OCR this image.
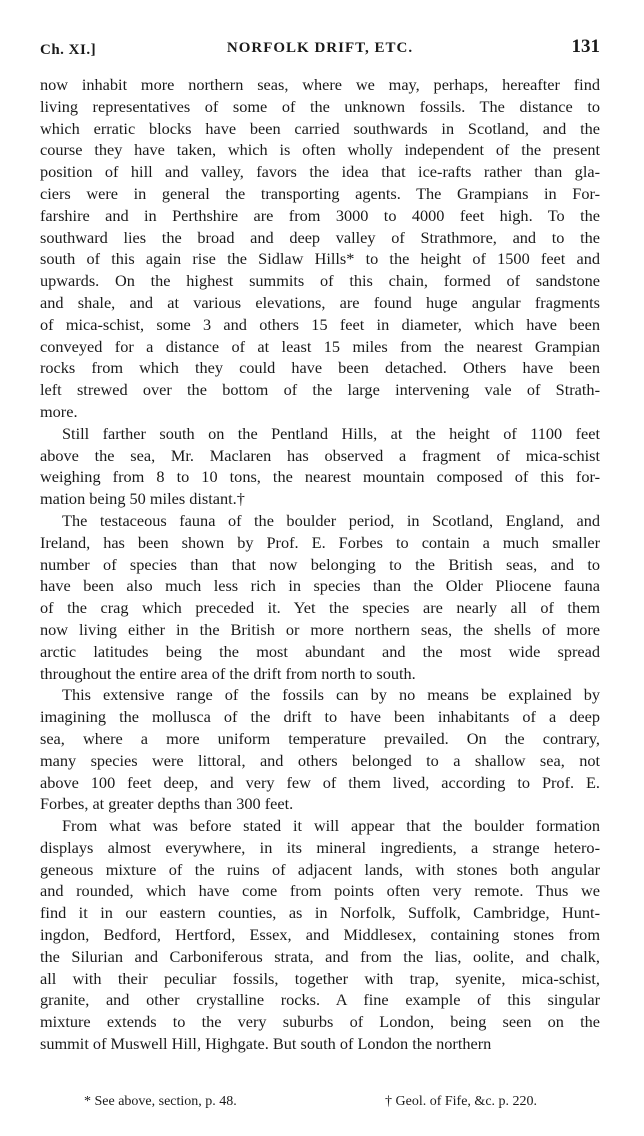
Ch. XI.]	NORFOLK DRIFT, ETC.	131

now inhabit more northern seas, where we may, perhaps, hereafter find
living representatives of some of the unknown fossils. The distance to
which erratic blocks have been carried southwards in Scotland, and the
course they have taken, which is often wholly independent of the present
position of hill and valley, favors the idea that ice-rafts rather than gla-
ciers were in general the transporting agents. The Grampians in For-
farshire and in Perthshire are from 3000 to 4000 feet high. To the
southward lies the broad and deep valley of Strathmore, and to the
south of this again rise the Sidlaw Hills* to the height of 1500 feet and
upwards. On the highest summits of this chain, formed of sandstone
and shale, and at various elevations, are found huge angular fragments
of mica-schist, some 3 and others 15 feet in diameter, which have been
conveyed for a distance of at least 15 miles from the nearest Grampian
rocks from which they could have been detached. Others have been
left strewed over the bottom of the large intervening vale of Strath-
more.

Still farther south on the Pentland Hills, at the height of 1100 feet
above the sea, Mr. Maclaren has observed a fragment of mica-schist
weighing from 8 to 10 tons, the nearest mountain composed of this for-
mation being 50 miles distant.†

The testaceous fauna of the boulder period, in Scotland, England, and
Ireland, has been shown by Prof. E. Forbes to contain a much smaller
number of species than that now belonging to the British seas, and to
have been also much less rich in species than the Older Pliocene fauna
of the crag which preceded it. Yet the species are nearly all of them
now living either in the British or more northern seas, the shells of more
arctic latitudes being the most abundant and the most wide spread
throughout the entire area of the drift from north to south.

This extensive range of the fossils can by no means be explained by
imagining the mollusca of the drift to have been inhabitants of a deep
sea, where a more uniform temperature prevailed. On the contrary,
many species were littoral, and others belonged to a shallow sea, not
above 100 feet deep, and very few of them lived, according to Prof. E.
Forbes, at greater depths than 300 feet.

From what was before stated it will appear that the boulder formation
displays almost everywhere, in its mineral ingredients, a strange hetero-
geneous mixture of the ruins of adjacent lands, with stones both angular
and rounded, which have come from points often very remote. Thus we
find it in our eastern counties, as in Norfolk, Suffolk, Cambridge, Hunt-
ingdon, Bedford, Hertford, Essex, and Middlesex, containing stones from
the Silurian and Carboniferous strata, and from the lias, oolite, and chalk,
all with their peculiar fossils, together with trap, syenite, mica-schist,
granite, and other crystalline rocks. A fine example of this singular
mixture extends to the very suburbs of London, being seen on the
summit of Muswell Hill, Highgate. But south of London the northern

* See above, section, p. 48.	† Geol. of Fife, &c. p. 220.
